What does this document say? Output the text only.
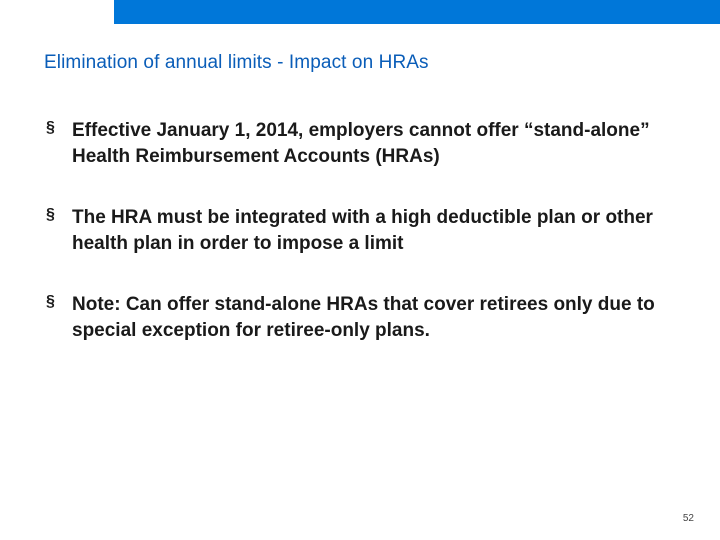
Elimination of annual limits - Impact on HRAs
§ Effective January 1, 2014, employers cannot offer “stand-alone” Health Reimbursement Accounts (HRAs)
§ The HRA must be integrated with a high deductible plan or other health plan in order to impose a limit
§ Note: Can offer stand-alone HRAs that cover retirees only due to special exception for retiree-only plans.
52
